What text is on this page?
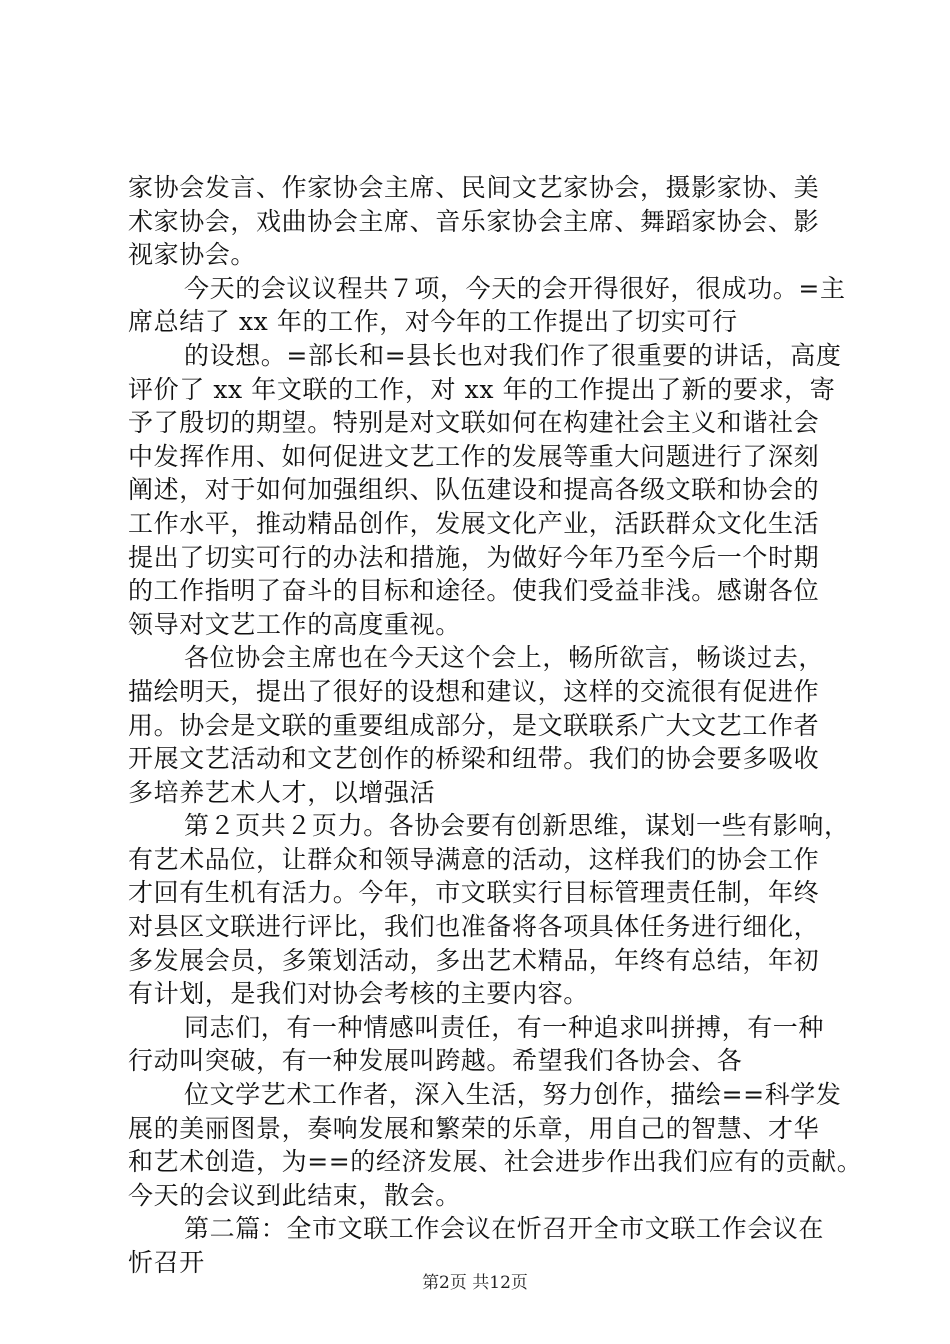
家协会发言、作家协会主席、民间文艺家协会，摄影家协、美
术家协会，戏曲协会主席、音乐家协会主席、舞蹈家协会、影
视家协会。
今天的会议议程共７项，今天的会开得很好，很成功。=主
席总结了 xx 年的工作，对今年的工作提出了切实可行
的设想。=部长和=县长也对我们作了很重要的讲话，高度
评价了 xx 年文联的工作，对 xx 年的工作提出了新的要求，寄
予了殷切的期望。特别是对文联如何在构建社会主义和谐社会
中发挥作用、如何促进文艺工作的发展等重大问题进行了深刻
阐述，对于如何加强组织、队伍建设和提高各级文联和协会的
工作水平，推动精品创作，发展文化产业，活跃群众文化生活
提出了切实可行的办法和措施，为做好今年乃至今后一个时期
的工作指明了奋斗的目标和途径。使我们受益非浅。感谢各位
领导对文艺工作的高度重视。
各位协会主席也在今天这个会上，畅所欲言，畅谈过去，
描绘明天，提出了很好的设想和建议，这样的交流很有促进作
用。协会是文联的重要组成部分，是文联联系广大文艺工作者
开展文艺活动和文艺创作的桥梁和纽带。我们的协会要多吸收
多培养艺术人才，以增强活
第２页共２页力。各协会要有创新思维，谋划一些有影响，
有艺术品位，让群众和领导满意的活动，这样我们的协会工作
才回有生机有活力。今年，市文联实行目标管理责任制，年终
对县区文联进行评比，我们也准备将各项具体任务进行细化，
多发展会员，多策划活动，多出艺术精品，年终有总结，年初
有计划，是我们对协会考核的主要内容。
同志们，有一种情感叫责任，有一种追求叫拼搏，有一种
行动叫突破，有一种发展叫跨越。希望我们各协会、各
位文学艺术工作者，深入生活，努力创作，描绘==科学发
展的美丽图景，奏响发展和繁荣的乐章，用自己的智慧、才华
和艺术创造，为==的经济发展、社会进步作出我们应有的贡献。
今天的会议到此结束，散会。
第二篇：全市文联工作会议在忻召开全市文联工作会议在
忻召开
第2页 共12页
